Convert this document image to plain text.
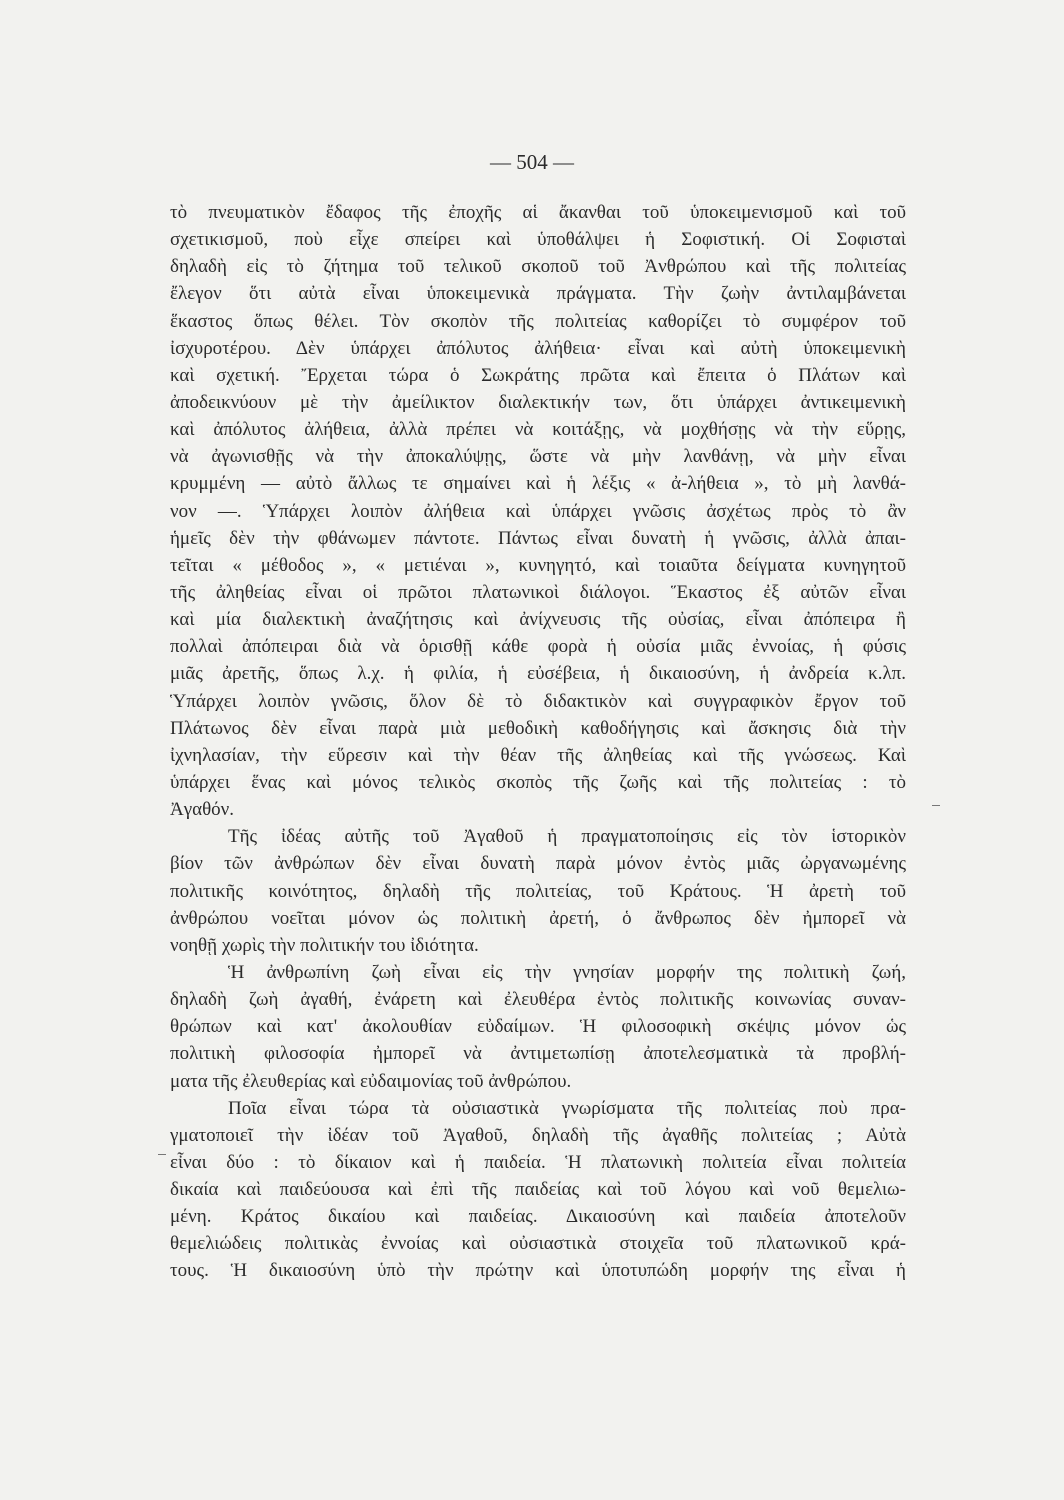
— 504 —
τὸ πνευματικὸν ἔδαφος τῆς ἐποχῆς αἱ ἄκανθαι τοῦ ὑποκειμενισμοῦ καὶ τοῦ
σχετικισμοῦ, ποὺ εἶχε σπείρει καὶ ὑποθάλψει ἡ Σοφιστική. Οἱ Σοφισταὶ
δηλαδὴ εἰς τὸ ζήτημα τοῦ τελικοῦ σκοποῦ τοῦ Ἀνθρώπου καὶ τῆς πολιτείας
ἔλεγον ὅτι αὐτὰ εἶναι ὑποκειμενικὰ πράγματα. Τὴν ζωὴν ἀντιλαμβάνεται
ἕκαστος ὅπως θέλει. Τὸν σκοπὸν τῆς πολιτείας καθορίζει τὸ συμφέρον τοῦ
ἰσχυροτέρου. Δὲν ὑπάρχει ἀπόλυτος ἀλήθεια· εἶναι καὶ αὐτὴ ὑποκειμενικὴ
καὶ σχετική. Ἔρχεται τώρα ὁ Σωκράτης πρῶτα καὶ ἔπειτα ὁ Πλάτων καὶ
ἀποδεικνύουν μὲ τὴν ἀμείλικτον διαλεκτικήν των, ὅτι ὑπάρχει ἀντικειμενικὴ
καὶ ἀπόλυτος ἀλήθεια, ἀλλὰ πρέπει νὰ κοιτάξῃς, νὰ μοχθήσῃς νὰ τὴν εὕρῃς,
νὰ ἀγωνισθῇς νὰ τὴν ἀποκαλύψῃς, ὥστε νὰ μὴν λανθάνῃ, νὰ μὴν εἶναι
κρυμμένη — αὐτὸ ἄλλως τε σημαίνει καὶ ἡ λέξις « ἀ-λήθεια », τὸ μὴ λανθά-
νον —. Ὑπάρχει λοιπὸν ἀλήθεια καὶ ὑπάρχει γνῶσις ἀσχέτως πρὸς τὸ ἂν
ἡμεῖς δὲν τὴν φθάνωμεν πάντοτε. Πάντως εἶναι δυνατὴ ἡ γνῶσις, ἀλλὰ ἀπαι-
τεῖται « μέθοδος », « μετιέναι », κυνηγητό, καὶ τοιαῦτα δείγματα κυνηγητοῦ
τῆς ἀληθείας εἶναι οἱ πρῶτοι πλατωνικοὶ διάλογοι. Ἕκαστος ἐξ αὐτῶν εἶναι
καὶ μία διαλεκτικὴ ἀναζήτησις καὶ ἀνίχνευσις τῆς οὐσίας, εἶναι ἀπόπειρα ἢ
πολλαὶ ἀπόπειραι διὰ νὰ ὁρισθῇ κάθε φορὰ ἡ οὐσία μιᾶς ἐννοίας, ἡ φύσις
μιᾶς ἀρετῆς, ὅπως λ.χ. ἡ φιλία, ἡ εὐσέβεια, ἡ δικαιοσύνη, ἡ ἀνδρεία κ.λπ.
Ὑπάρχει λοιπὸν γνῶσις, ὅλον δὲ τὸ διδακτικὸν καὶ συγγραφικὸν ἔργον τοῦ
Πλάτωνος δὲν εἶναι παρὰ μιὰ μεθοδικὴ καθοδήγησις καὶ ἄσκησις διὰ τὴν
ἰχνηλασίαν, τὴν εὕρεσιν καὶ τὴν θέαν τῆς ἀληθείας καὶ τῆς γνώσεως. Καὶ
ὑπάρχει ἕνας καὶ μόνος τελικὸς σκοπὸς τῆς ζωῆς καὶ τῆς πολιτείας : τὸ
Ἀγαθόν.
Τῆς ἰδέας αὐτῆς τοῦ Ἀγαθοῦ ἡ πραγματοποίησις εἰς τὸν ἱστορικὸν
βίον τῶν ἀνθρώπων δὲν εἶναι δυνατὴ παρὰ μόνον ἐντὸς μιᾶς ὠργανωμένης
πολιτικῆς κοινότητος, δηλαδὴ τῆς πολιτείας, τοῦ Κράτους. Ἡ ἀρετὴ τοῦ
ἀνθρώπου νοεῖται μόνον ὡς πολιτικὴ ἀρετή, ὁ ἄνθρωπος δὲν ἠμπορεῖ νὰ
νοηθῇ χωρὶς τὴν πολιτικήν του ἰδιότητα.
Ἡ ἀνθρωπίνη ζωὴ εἶναι εἰς τὴν γνησίαν μορφήν της πολιτικὴ ζωή,
δηλαδὴ ζωὴ ἀγαθή, ἐνάρετη καὶ ἐλευθέρα ἐντὸς πολιτικῆς κοινωνίας συναν-
θρώπων καὶ κατ' ἀκολουθίαν εὐδαίμων. Ἡ φιλοσοφικὴ σκέψις μόνον ὡς
πολιτικὴ φιλοσοφία ἠμπορεῖ νὰ ἀντιμετωπίσῃ ἀποτελεσματικὰ τὰ προβλή-
ματα τῆς ἐλευθερίας καὶ εὐδαιμονίας τοῦ ἀνθρώπου.
Ποῖα εἶναι τώρα τὰ οὐσιαστικὰ γνωρίσματα τῆς πολιτείας ποὺ πρα-
γματοποιεῖ τὴν ἰδέαν τοῦ Ἀγαθοῦ, δηλαδὴ τῆς ἀγαθῆς πολιτείας ; Αὐτὰ
εἶναι δύο : τὸ δίκαιον καὶ ἡ παιδεία. Ἡ πλατωνικὴ πολιτεία εἶναι πολιτεία
δικαία καὶ παιδεύουσα καὶ ἐπὶ τῆς παιδείας καὶ τοῦ λόγου καὶ νοῦ θεμελιω-
μένη. Κράτος δικαίου καὶ παιδείας. Δικαιοσύνη καὶ παιδεία ἀποτελοῦν
θεμελιώδεις πολιτικὰς ἐννοίας καὶ οὐσιαστικὰ στοιχεῖα τοῦ πλατωνικοῦ κρά-
τους. Ἡ δικαιοσύνη ὑπὸ τὴν πρώτην καὶ ὑποτυπώδη μορφήν της εἶναι ἡ
